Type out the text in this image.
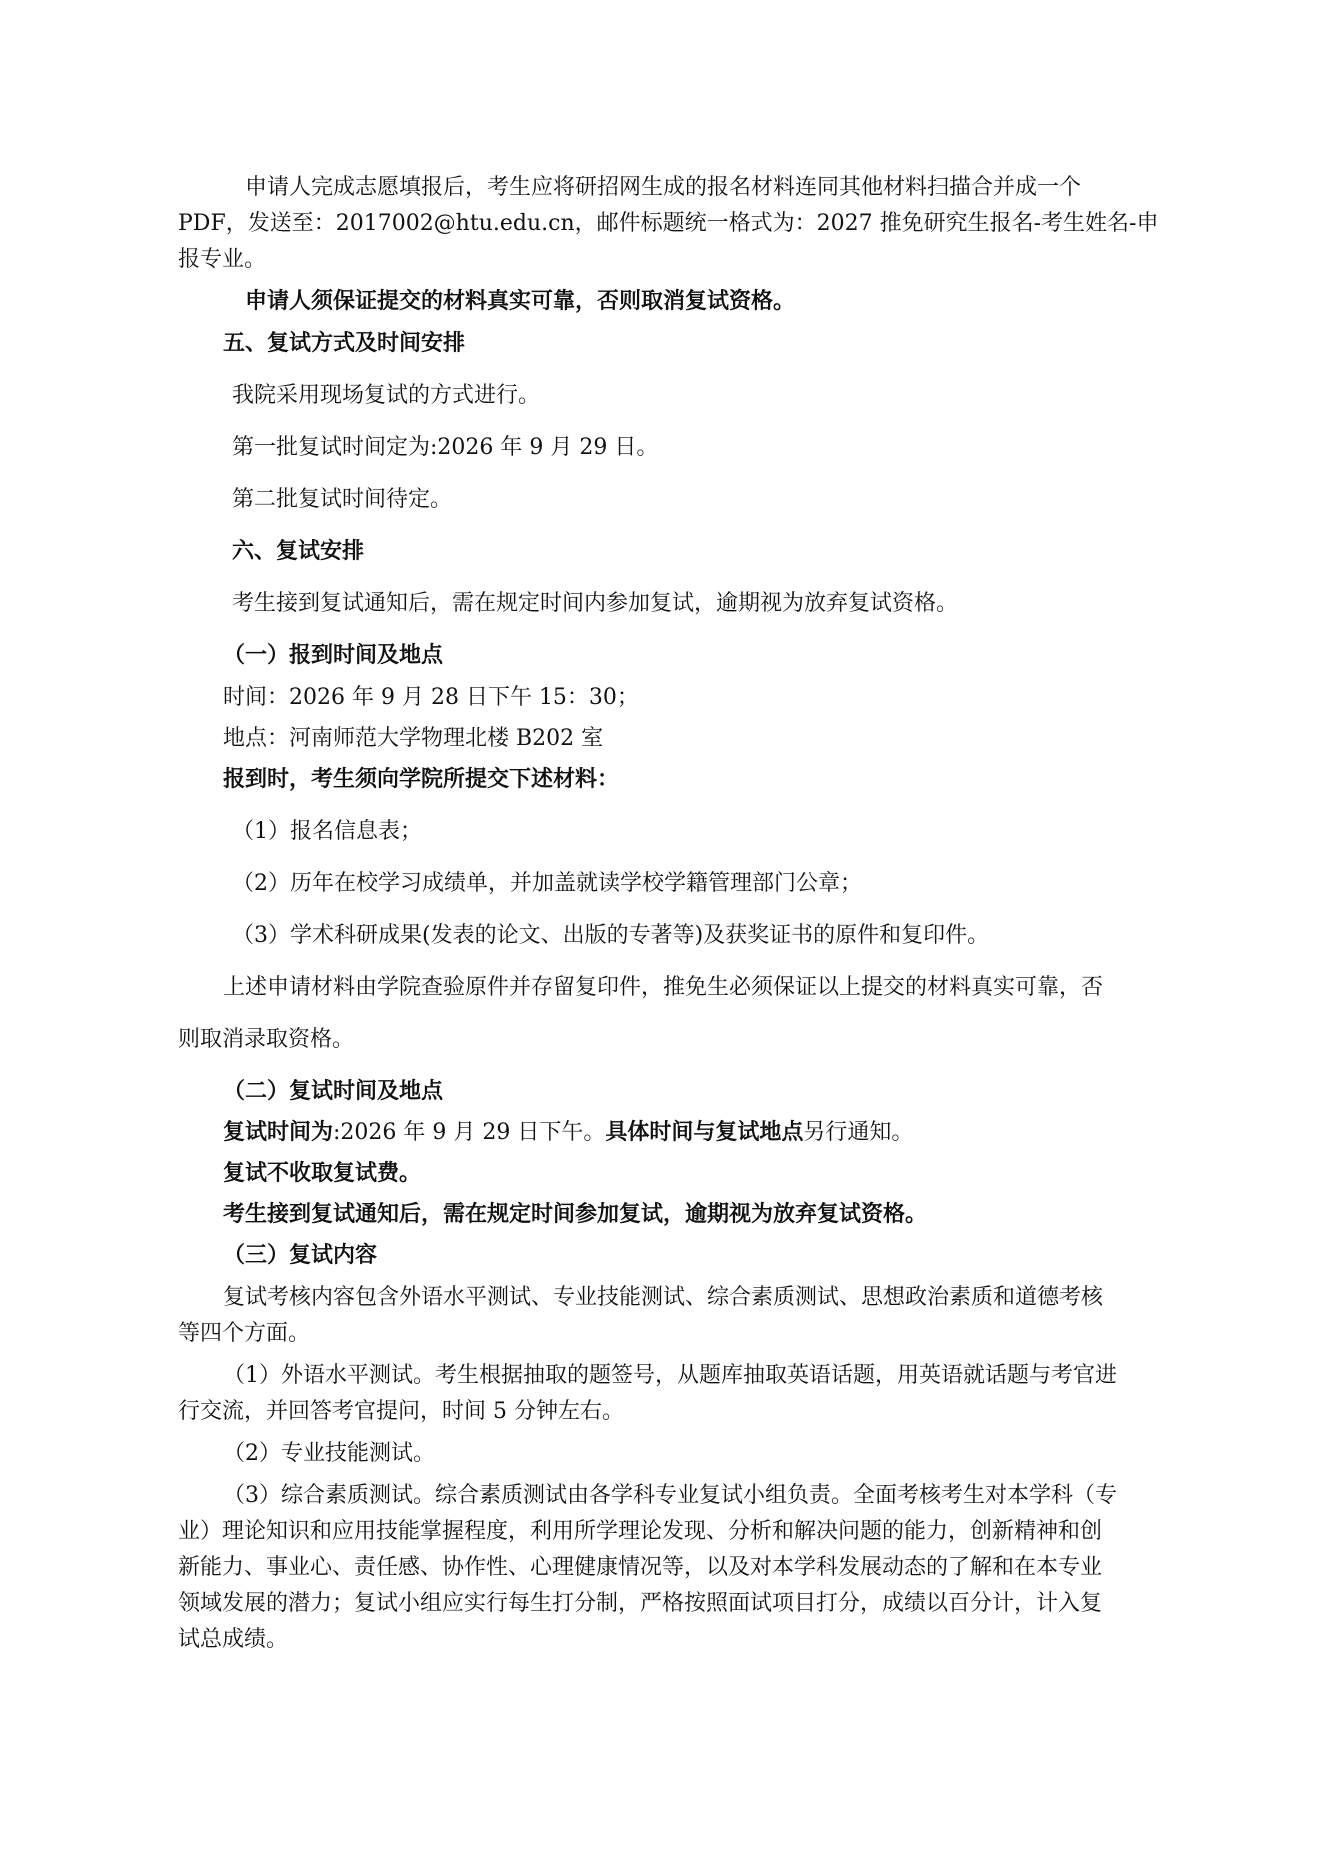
申请人完成志愿填报后，考生应将研招网生成的报名材料连同其他材料扫描合并成一个
PDF，发送至：2017002@htu.edu.cn，邮件标题统一格式为：2027 推免研究生报名-考生姓名-申
报专业。
申请人须保证提交的材料真实可靠，否则取消复试资格。
五、复试方式及时间安排
我院采用现场复试的方式进行。
第一批复试时间定为:2026 年 9 月 29 日。
第二批复试时间待定。
六、复试安排
考生接到复试通知后，需在规定时间内参加复试，逾期视为放弃复试资格。
（一）报到时间及地点
时间：2026 年 9 月 28 日下午 15：30；
地点：河南师范大学物理北楼 B202 室
报到时，考生须向学院所提交下述材料：
（1）报名信息表；
（2）历年在校学习成绩单，并加盖就读学校学籍管理部门公章；
（3）学术科研成果(发表的论文、出版的专著等)及获奖证书的原件和复印件。
上述申请材料由学院查验原件并存留复印件，推免生必须保证以上提交的材料真实可靠，否
则取消录取资格。
（二）复试时间及地点
复试时间为:2026 年 9 月 29 日下午。具体时间与复试地点另行通知。
复试不收取复试费。
考生接到复试通知后，需在规定时间参加复试，逾期视为放弃复试资格。
（三）复试内容
复试考核内容包含外语水平测试、专业技能测试、综合素质测试、思想政治素质和道德考核
等四个方面。
（1）外语水平测试。考生根据抽取的题签号，从题库抽取英语话题，用英语就话题与考官进
行交流，并回答考官提问，时间 5 分钟左右。
（2）专业技能测试。
（3）综合素质测试。综合素质测试由各学科专业复试小组负责。全面考核考生对本学科（专
业）理论知识和应用技能掌握程度，利用所学理论发现、分析和解决问题的能力，创新精神和创
新能力、事业心、责任感、协作性、心理健康情况等，以及对本学科发展动态的了解和在本专业
领域发展的潜力；复试小组应实行每生打分制，严格按照面试项目打分，成绩以百分计，计入复
试总成绩。
